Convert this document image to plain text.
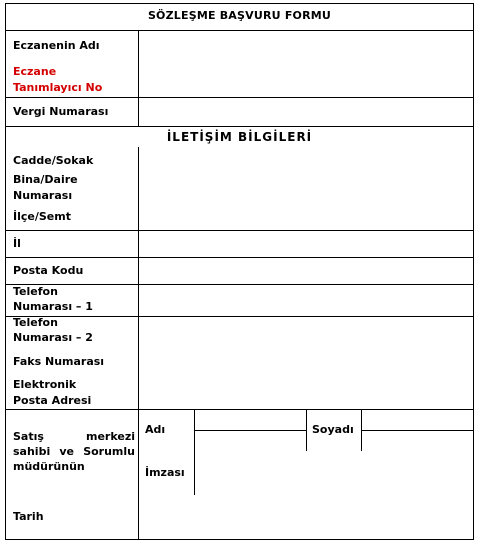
SÖZLEŞME BAŞVURU FORMU
İLETİŞİM BİLGİLERİ
Eczanenin Adı
Eczane
Tanımlayıcı No
Vergi Numarası
Cadde/Sokak
Bina/Daire
Numarası
İlçe/Semt
İl
Posta Kodu
Telefon
Numarası – 1
Telefon
Numarası – 2
Faks Numarası
Elektronik
Posta Adresi
Satış merkezi
sahibi ve Sorumlu
müdürünün
Tarih
Adı	Soyadı
İmzası
